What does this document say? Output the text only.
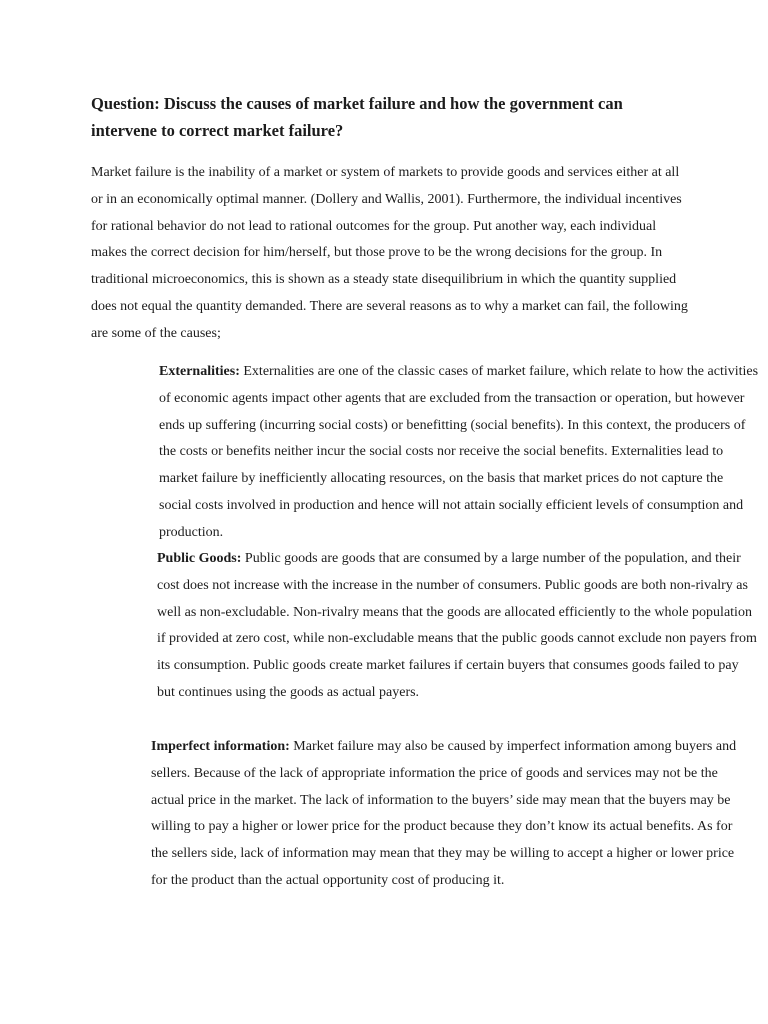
Question: Discuss the causes of market failure and how the government can intervene to correct market failure?

Market failure is the inability of a market or system of markets to provide goods and services either at all or in an economically optimal manner. (Dollery and Wallis, 2001). Furthermore, the individual incentives for rational behavior do not lead to rational outcomes for the group. Put another way, each individual makes the correct decision for him/herself, but those prove to be the wrong decisions for the group. In traditional microeconomics, this is shown as a steady state disequilibrium in which the quantity supplied does not equal the quantity demanded. There are several reasons as to why a market can fail, the following are some of the causes;

Externalities: Externalities are one of the classic cases of market failure, which relate to how the activities of economic agents impact other agents that are excluded from the transaction or operation, but however ends up suffering (incurring social costs) or benefitting (social benefits). In this context, the producers of the costs or benefits neither incur the social costs nor receive the social benefits. Externalities lead to market failure by inefficiently allocating resources, on the basis that market prices do not capture the social costs involved in production and hence will not attain socially efficient levels of consumption and production.

Public Goods: Public goods are goods that are consumed by a large number of the population, and their cost does not increase with the increase in the number of consumers. Public goods are both non-rivalry as well as non-excludable. Non-rivalry means that the goods are allocated efficiently to the whole population if provided at zero cost, while non-excludable means that the public goods cannot exclude non payers from its consumption. Public goods create market failures if certain buyers that consumes goods failed to pay but continues using the goods as actual payers.

Imperfect information: Market failure may also be caused by imperfect information among buyers and sellers. Because of the lack of appropriate information the price of goods and services may not be the actual price in the market. The lack of information to the buyers’ side may mean that the buyers may be willing to pay a higher or lower price for the product because they don’t know its actual benefits. As for the sellers side, lack of information may mean that they may be willing to accept a higher or lower price for the product than the actual opportunity cost of producing it.
